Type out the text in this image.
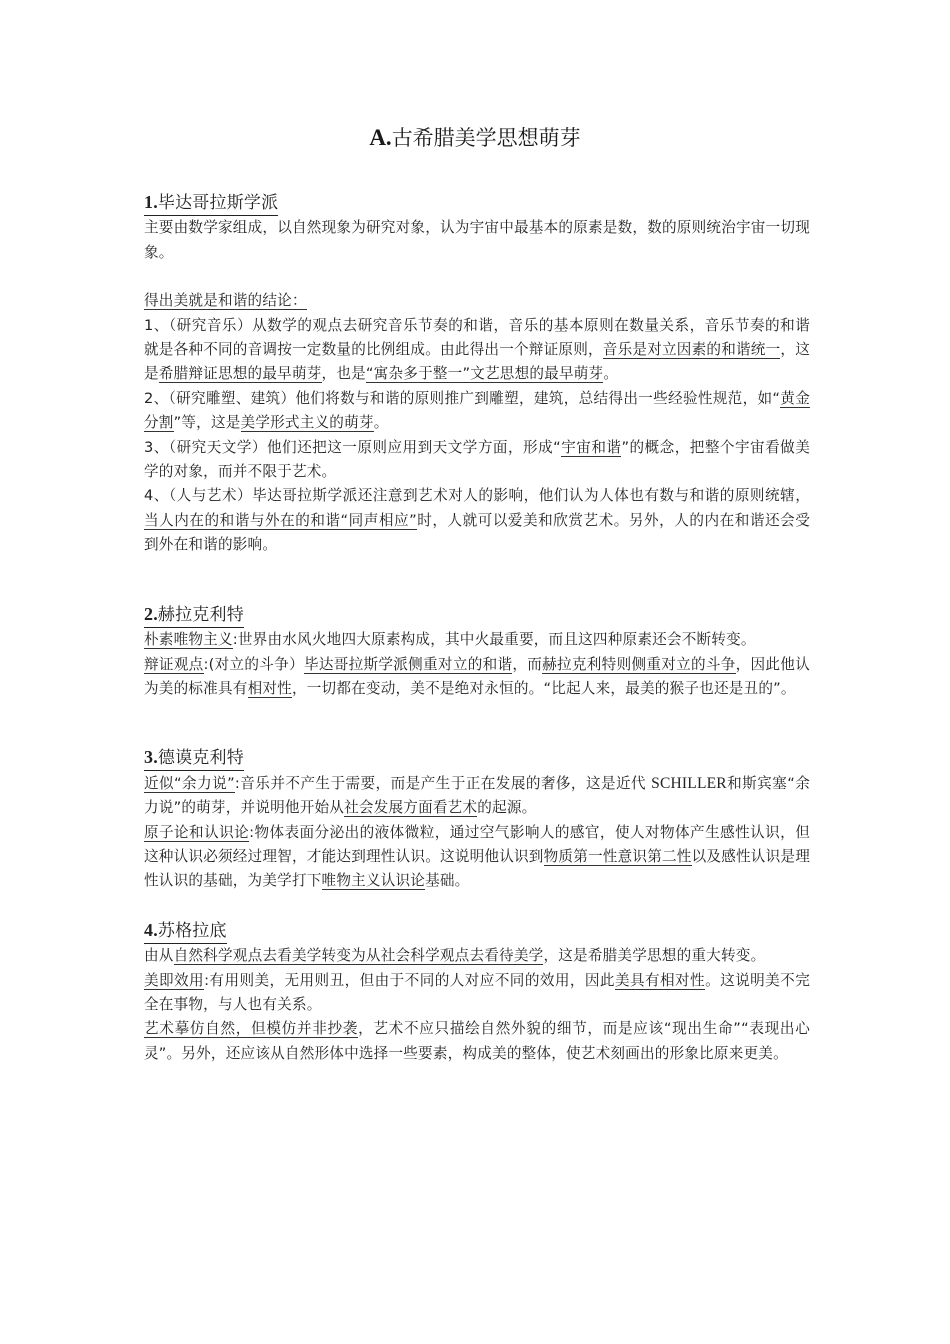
A.古希腊美学思想萌芽
1.毕达哥拉斯学派

主要由数学家组成，以自然现象为研究对象，认为宇宙中最基本的原素是数，数的原则统治宇宙一切现象。

得出美就是和谐的结论：

1、（研究音乐）从数学的观点去研究音乐节奏的和谐，音乐的基本原则在数量关系，音乐节奏的和谐就是各种不同的音调按一定数量的比例组成。由此得出一个辩证原则，音乐是对立因素的和谐统一，这是希腊辩证思想的最早萌芽，也是“寓杂多于整一”文艺思想的最早萌芽。

2、（研究雕塑、建筑）他们将数与和谐的原则推广到雕塑，建筑，总结得出一些经验性规范，如“黄金分割”等，这是美学形式主义的萌芽。

3、（研究天文学）他们还把这一原则应用到天文学方面，形成“宇宙和谐”的概念，把整个宇宙看做美学的对象，而并不限于艺术。

4、（人与艺术）毕达哥拉斯学派还注意到艺术对人的影响，他们认为人体也有数与和谐的原则统辖，当人内在的和谐与外在的和谐“同声相应”时，人就可以爱美和欣赏艺术。另外，人的内在和谐还会受到外在和谐的影响。

2.赫拉克利特

朴素唯物主义:世界由水风火地四大原素构成，其中火最重要，而且这四种原素还会不断转变。

辩证观点:(对立的斗争）毕达哥拉斯学派侧重对立的和谐，而赫拉克利特则侧重对立的斗争，因此他认为美的标准具有相对性，一切都在变动，美不是绝对永恒的。“比起人来，最美的猴子也还是丑的”。

3.德谟克利特

近似“余力说”:音乐并不产生于需要，而是产生于正在发展的奢侈，这是近代 SCHILLER和斯宾塞“余力说”的萌芽，并说明他开始从社会发展方面看艺术的起源。

原子论和认识论:物体表面分泌出的液体微粒，通过空气影响人的感官，使人对物体产生感性认识，但这种认识必须经过理智，才能达到理性认识。这说明他认识到物质第一性意识第二性以及感性认识是理性认识的基础，为美学打下唯物主义认识论基础。

4.苏格拉底

由从自然科学观点去看美学转变为从社会科学观点去看待美学，这是希腊美学思想的重大转变。

美即效用:有用则美，无用则丑，但由于不同的人对应不同的效用，因此美具有相对性。这说明美不完全在事物，与人也有关系。

艺术摹仿自然，但模仿并非抄袭，艺术不应只描绘自然外貌的细节，而是应该“现出生命”“表现出心灵”。另外，还应该从自然形体中选择一些要素，构成美的整体，使艺术刻画出的形象比原来更美。
